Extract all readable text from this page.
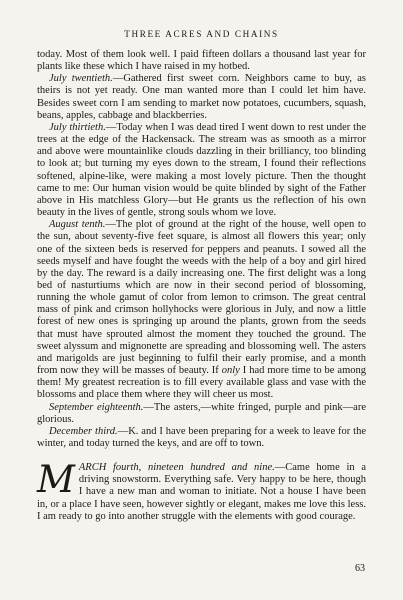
THREE ACRES AND CHAINS

today. Most of them look well. I paid fifteen dollars a thousand last year for plants like these which I have raised in my hotbed.

July twentieth.—Gathered first sweet corn. Neighbors came to buy, as theirs is not yet ready. One man wanted more than I could let him have. Besides sweet corn I am sending to market now potatoes, cucumbers, squash, beans, apples, cabbage and blackberries.

July thirtieth.—Today when I was dead tired I went down to rest under the trees at the edge of the Hackensack. The stream was as smooth as a mirror and above were mountainlike clouds dazzling in their brilliancy, too blinding to look at; but turning my eyes down to the stream, I found their reflections softened, alpine-like, were making a most lovely picture. Then the thought came to me: Our human vision would be quite blinded by sight of the Father above in His matchless Glory—but He grants us the reflection of his own beauty in the lives of gentle, strong souls whom we love.

August tenth.—The plot of ground at the right of the house, well open to the sun, about seventy-five feet square, is almost all flowers this year; only one of the sixteen beds is reserved for peppers and peanuts. I sowed all the seeds myself and have fought the weeds with the help of a boy and girl hired by the day. The reward is a daily increasing one. The first delight was a long bed of nasturtiums which are now in their second period of blossoming, running the whole gamut of color from lemon to crimson. The great central mass of pink and crimson hollyhocks were glorious in July, and now a little forest of new ones is springing up around the plants, grown from the seeds that must have sprouted almost the moment they touched the ground. The sweet alyssum and mignonette are spreading and blossoming well. The asters and marigolds are just beginning to fulfil their early promise, and a month from now they will be masses of beauty. If only I had more time to be among them! My greatest recreation is to fill every available glass and vase with the blossoms and place them where they will cheer us most.

September eighteenth.—The asters,—white fringed, purple and pink—are glorious.

December third.—K. and I have been preparing for a week to leave for the winter, and today turned the keys, and are off to town.

M ARCH fourth, nineteen hundred and nine.—Came home in a driving snowstorm. Everything safe. Very happy to be here, though I have a new man and woman to initiate. Not a house I have been in, or a place I have seen, however sightly or elegant, makes me love this less. I am ready to go into another struggle with the elements with good courage.
63
